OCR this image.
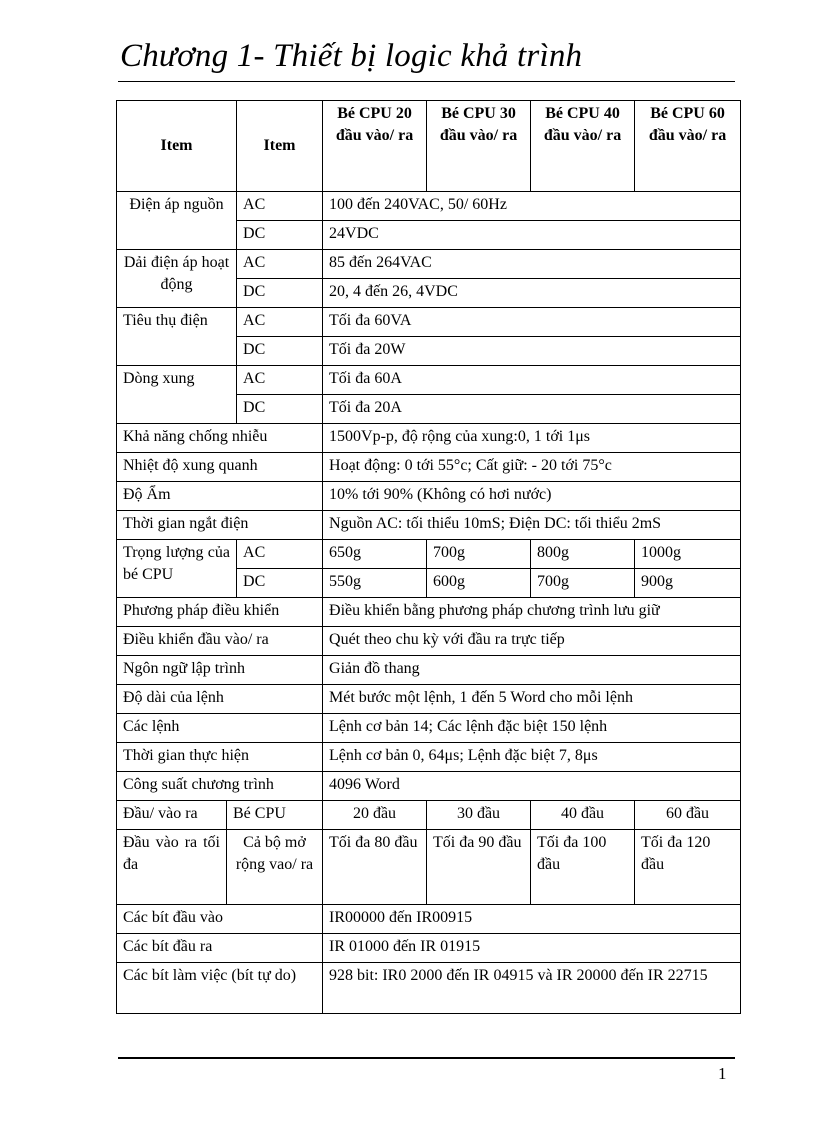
Chương 1- Thiết bị logic khả trình
Item		Item	Bé CPU 20 đầu vào/ ra	Bé CPU 30 đầu vào/ ra	Bé CPU 40 đầu vào/ ra	Bé CPU 60 đầu vào/ ra
Điện áp nguồn		AC	100 đến 240VAC, 50/ 60Hz			
		DC	24VDC			
Dải điện áp hoạt động		AC	85 đến 264VAC			
		DC	20, 4 đến 26, 4VDC			
Tiêu thụ điện		AC	Tối đa 60VA			
		DC	Tối đa 20W			
Dòng xung		AC	Tối đa 60A			
		DC	Tối đa 20A			
Khả năng chống nhiễu			1500Vp-p, độ rộng của xung:0, 1 tới 1μs			
Nhiệt độ xung quanh			Hoạt động: 0 tới 55°c; Cất giữ: - 20 tới 75°c			
Độ Ẩm			10% tới 90% (Không có hơi nước)			
Thời gian ngắt điện			Nguồn AC: tối thiểu 10mS; Điện DC: tối thiểu 2mS			
Trọng lượng của bé CPU		AC	650g	700g	800g	1000g
		DC	550g	600g	700g	900g
Phương pháp điều khiển			Điều khiển bằng phương pháp chương trình lưu giữ			
Điều khiển đầu vào/ ra			Quét theo chu kỳ với đầu ra trực tiếp			
Ngôn ngữ lập trình			Giản đồ thang			
Độ dài của lệnh			Mét bước một lệnh, 1 đến 5 Word cho mỗi lệnh			
Các lệnh			Lệnh cơ bản 14; Các lệnh đặc biệt 150 lệnh			
Thời gian thực hiện			Lệnh cơ bản 0, 64μs; Lệnh đặc biệt 7, 8μs			
Công suất chương trình			4096 Word			
Đầu/ vào ra	Bé CPU		20 đầu	30 đầu	40 đầu	60 đầu
Đầu vào ra tối đa	Cả bộ mở rộng vao/ ra		Tối đa 80 đầu	Tối đa 90 đầu	Tối đa 100 đầu	Tối đa 120 đầu
Các bít đầu vào			IR00000 đến IR00915			
Các bít đầu ra			IR 01000 đến IR 01915			
Các bít làm việc (bít tự do)			928 bit: IR0 2000 đến IR 04915 và IR 20000 đến IR 22715			
1
